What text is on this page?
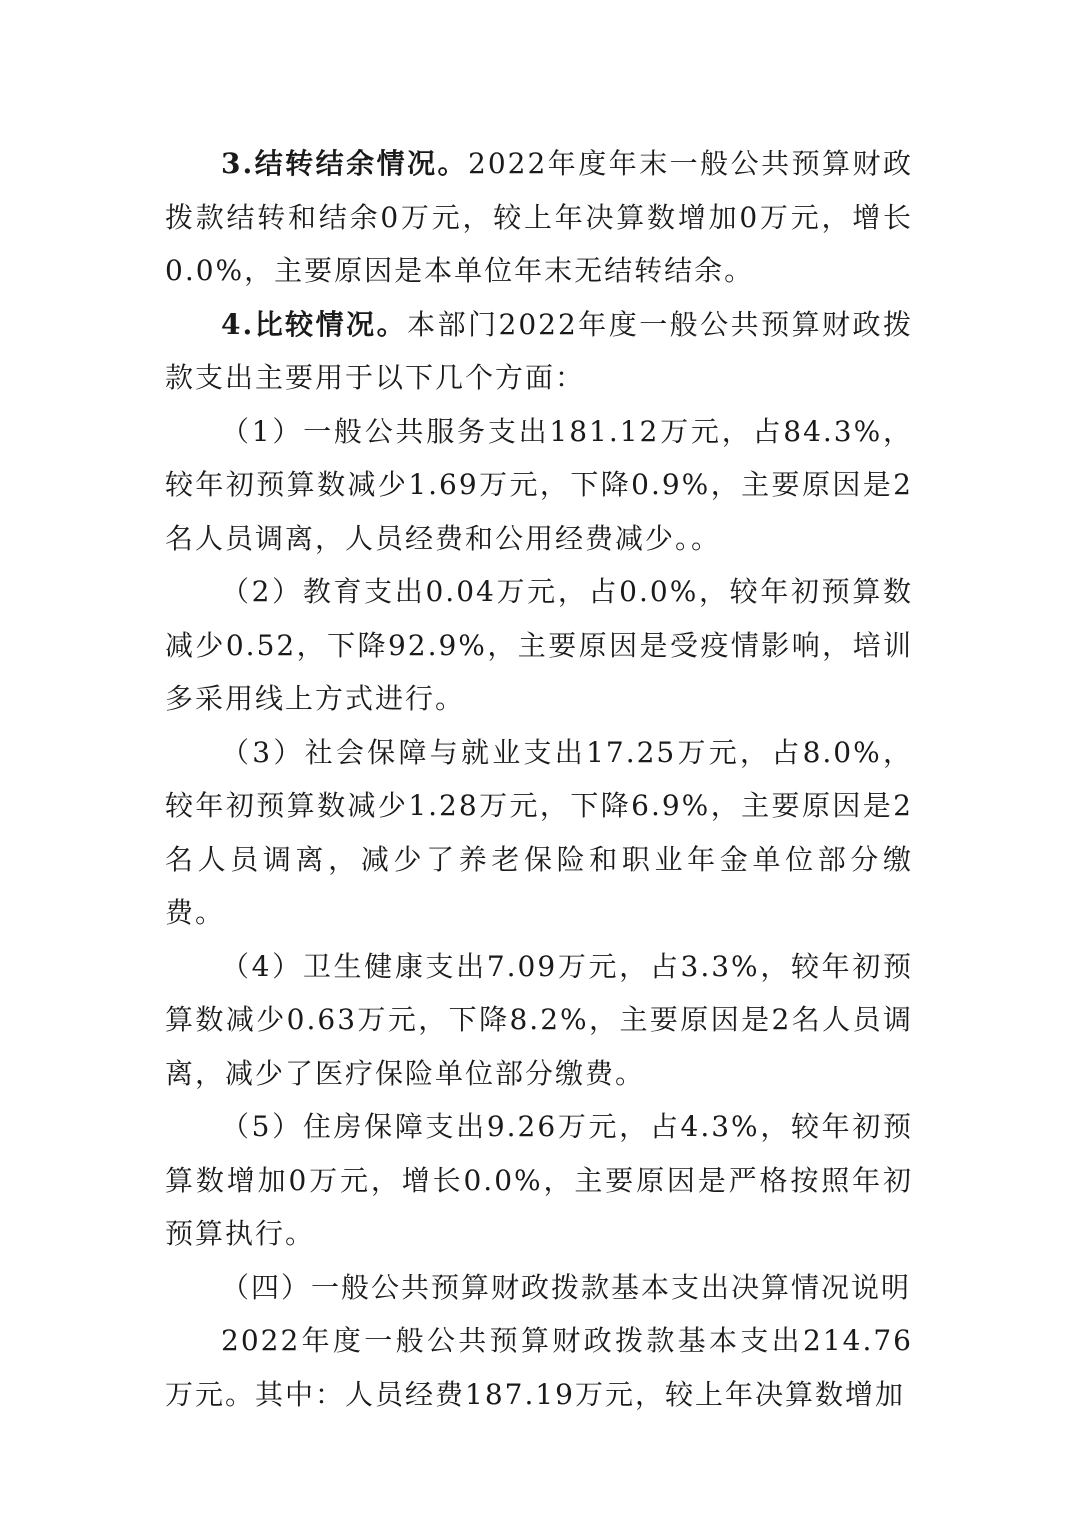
3.结转结余情况。2022年度年末一般公共预算财政拨款结转和结余0万元，较上年决算数增加0万元，增长0.0%，主要原因是本单位年末无结转结余。

4.比较情况。本部门2022年度一般公共预算财政拨款支出主要用于以下几个方面：

（1）一般公共服务支出181.12万元，占84.3%，较年初预算数减少1.69万元，下降0.9%，主要原因是2名人员调离，人员经费和公用经费减少。。

（2）教育支出0.04万元，占0.0%，较年初预算数减少0.52，下降92.9%，主要原因是受疫情影响，培训多采用线上方式进行。

（3）社会保障与就业支出17.25万元，占8.0%，较年初预算数减少1.28万元，下降6.9%，主要原因是2名人员调离，减少了养老保险和职业年金单位部分缴费。

（4）卫生健康支出7.09万元，占3.3%，较年初预算数减少0.63万元，下降8.2%，主要原因是2名人员调离，减少了医疗保险单位部分缴费。

（5）住房保障支出9.26万元，占4.3%，较年初预算数增加0万元，增长0.0%，主要原因是严格按照年初预算执行。

（四）一般公共预算财政拨款基本支出决算情况说明

2022年度一般公共预算财政拨款基本支出214.76万元。其中：人员经费187.19万元，较上年决算数增加
